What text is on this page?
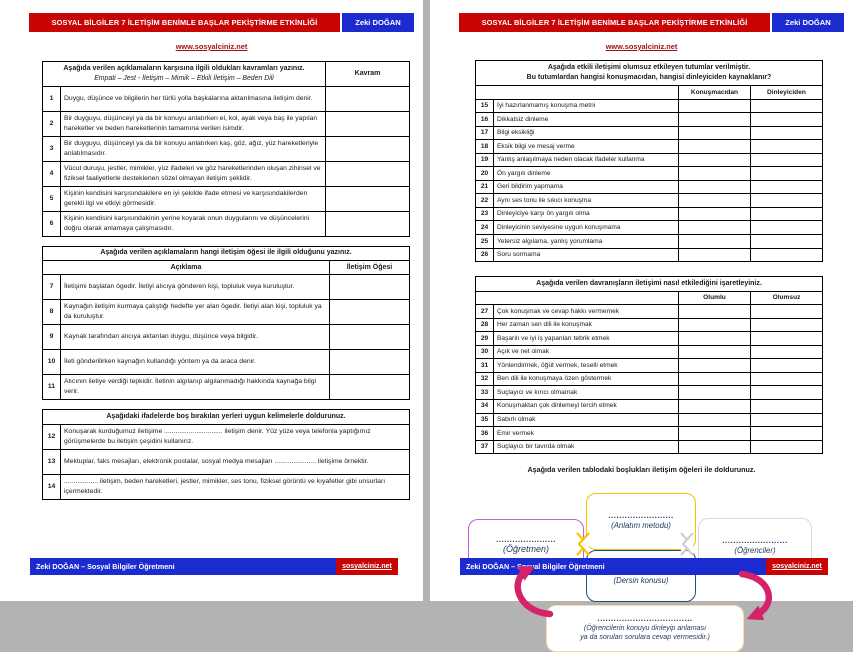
SOSYAL BİLGİLER 7 İLETİŞİM BENİMLE BAŞLAR PEKİŞTİRME ETKİNLİĞİ	Zeki DOĞAN
www.sosyalciniz.net
Aşağıda verilen açıklamaların karşısına ilgili oldukları kavramları yazınız.
Empati – Jest - İletişim – Mimik – Etkili İletişim – Beden Dili		Kavram
1	Duygu, düşünce ve bilgilerin her türlü yolla başkalarına aktarılmasına iletişim denir.	
2	Bir duyguyu, düşünceyi ya da bir konuyu anlatırken el, kol, ayak veya baş ile yapılan hareketler ve beden hareketlerinin tamamına verilen isimdir.	
3	Bir duyguyu, düşünceyi ya da bir konuyu anlatırken kaş, göz, ağız, yüz hareketleriyle anlatılmasıdır.	
4	Vücut duruşu, jestler, mimikler, yüz ifadeleri ve göz hareketlerinden oluşan zihinsel ve fiziksel faaliyetlerle desteklenen sözel olmayan iletişim şeklidir.	
5	Kişinin kendisini karşısındakilere en iyi şekilde ifade etmesi ve karşısındakilerden gerekli ilgi ve etkiyi görmesidir.	
6	Kişinin kendisini karşısındakinin yerine koyarak onun duygularını ve düşüncelerini doğru olarak anlamaya çalışmasıdır.	
Aşağıda verilen açıklamaların hangi iletişim öğesi ile ilgili olduğunu yazınız.		

Açıklama		İletişim Öğesi
7	İletişimi başlatan ögedir. İletiyi alıcıya gönderen kişi, topluluk veya kuruluştur.	
8	Kaynağın iletişim kurmaya çalıştığı hedefte yer alan ögedir. İletiyi alan kişi, topluluk ya da kuruluştur.	
9	Kaynak tarafından alıcıya aktarılan duygu, düşünce veya bilgidir.	
10	İleti gönderilirken kaynağın kullandığı yöntem ya da araca denir.	
11	Alıcının iletiye verdiği tepkidir. İletinin algılanıp algılanmadığı hakkında kaynağa bilgi verir.	
Aşağıdaki ifadelerde boş bırakılan yerleri uygun kelimelerle doldurunuz.	

12	Konuşarak kurduğumuz iletişime ............................... iletişim denir. Yüz yüze veya telefonla yaptığımız görüşmelerde bu iletişim çeşidini kullanırız.
13	Mektuplar, faks mesajları, elektronik postalar, sosyal medya mesajları ...................... iletişime örnektir.
14	.................. iletişim, beden hareketleri, jestler, mimikler, ses tonu, fiziksel görüntü ve kıyafetler gibi unsurları içermektedir.
Zeki DOĞAN – Sosyal Bilgiler Öğretmeni	sosyalciniz.net
SOSYAL BİLGİLER 7 İLETİŞİM BENİMLE BAŞLAR PEKİŞTİRME ETKİNLİĞİ	Zeki DOĞAN
www.sosyalciniz.net
Aşağıda etkili iletişimi olumsuz etkileyen tutumlar verilmiştir.
Bu tutumlardan hangisi konuşmacıdan, hangisi dinleyiciden kaynaklanır?			

		Konuşmacıdan	Dinleyiciden
15	İyi hazırlanmamış konuşma metni		
16	Dikkatsiz dinleme		
17	Bilgi eksikliği		
18	Eksik bilgi ve mesaj verme		
19	Yanlış anlaşılmaya neden olacak ifadeler kullanma		
20	Ön yargılı dinleme		
21	Geri bildirim yapmama		
22	Aynı ses tonu ile sıkıcı konuşma		
23	Dinleyiciye karşı ön yargılı olma		
24	Dinleyicinin seviyesine uygun konuşmama		
25	Yetersiz algılama, yanlış yorumlama		
26	Soru sormama		
Aşağıda verilen davranışların iletişimi nasıl etkilediğini işaretleyiniz.			

		Olumlu	Olumsuz
27	Çok konuşmak ve cevap hakkı vermemek		
28	Her zaman sen dili ile konuşmak		
29	Başarılı ve iyi iş yapanları tebrik etmek		
30	Açık ve net olmak		
31	Yönlendirmek, öğüt vermek, teselli etmek		
32	Ben dili ile konuşmaya özen göstermek		
33	Suçlayıcı ve kırıcı olmamak		
34	Konuşmaktan çok dinlemeyi tercih etmek		
35	Sabırlı olmak		
36	Emir vermek		
37	Suçlayıcı bir tavırda olmak		
Aşağıda verilen tablodaki boşlukları iletişim öğeleri ile doldurunuz.
......................
(Öğretmen)
........................
(Anlatım metodu)
(Dersin konusu)
........................
(Öğrenciler)
...................................
(Öğrencilerin konuyu dinleyip anlaması
ya da sorulan sorulara cevap vermesidir.)
Zeki DOĞAN – Sosyal Bilgiler Öğretmeni	sosyalciniz.net
